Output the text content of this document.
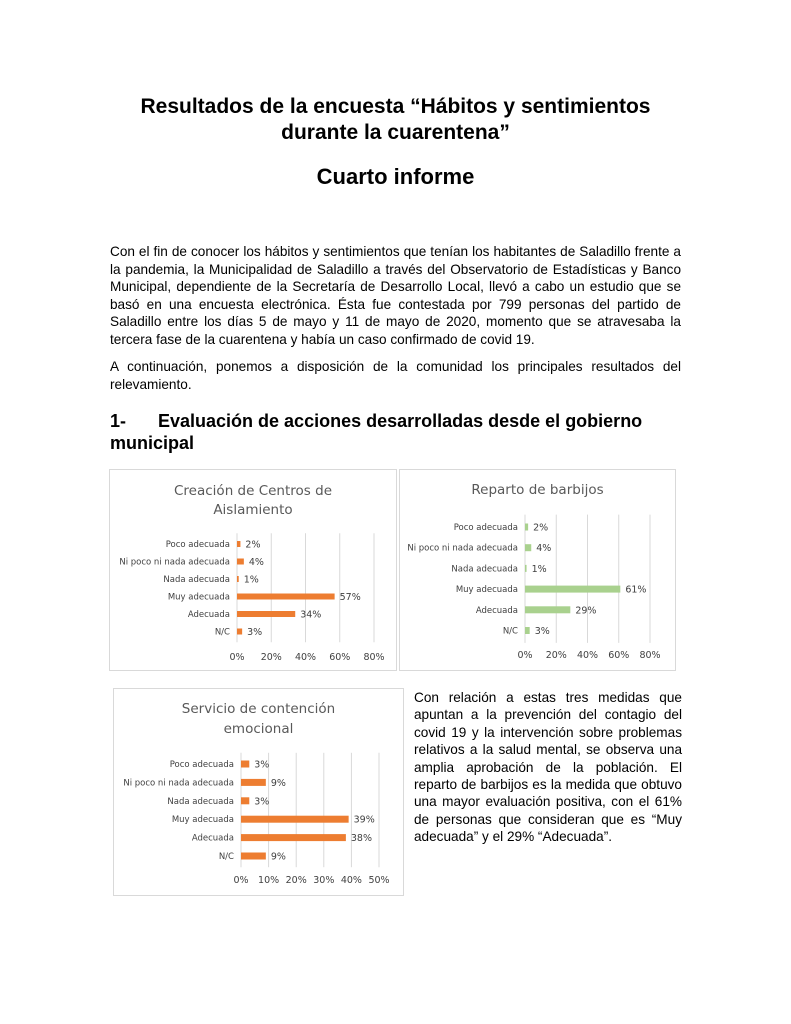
Resultados de la encuesta “Hábitos y sentimientos
durante la cuarentena”
Cuarto informe
Con el fin de conocer los hábitos y sentimientos que tenían los habitantes de Saladillo frente a la pandemia, la Municipalidad de Saladillo a través del Observatorio de Estadísticas y Banco Municipal, dependiente de la Secretaría de Desarrollo Local, llevó a cabo un estudio que se basó en una encuesta electrónica. Ésta fue contestada por 799 personas del partido de Saladillo entre los días 5 de mayo y 11 de mayo de 2020, momento que se atravesaba la tercera fase de la cuarentena y había un caso confirmado de covid 19.
A continuación, ponemos a disposición de la comunidad los principales resultados del relevamiento.
1- Evaluación de acciones desarrolladas desde el gobierno municipal
Creación de Centros de
Aislamiento
0% 20% 40% 60% 80%
Poco adecuada 2%
Ni poco ni nada adecuada 4%
Nada adecuada 1%
Muy adecuada	57%
Adecuada	34%
N/C 3%
Reparto de barbijos
0% 20% 40% 60% 80%
Poco adecuada 2%
Ni poco ni nada adecuada 4%
Nada adecuada 1%
Muy adecuada	61%
Adecuada	29%
N/C 3%
Servicio de contención
emocional
0% 10% 20% 30% 40% 50%
Poco adecuada 3%
Ni poco ni nada adecuada	9%
Nada adecuada 3%
Muy adecuada	39%
Adecuada	38%
N/C	9%
Con relación a estas tres medidas que apuntan a la prevención del contagio del covid 19 y la intervención sobre problemas relativos a la salud mental, se observa una amplia aprobación de la población. El reparto de barbijos es la medida que obtuvo una mayor evaluación positiva, con el 61% de personas que consideran que es “Muy adecuada” y el 29% “Adecuada”.
